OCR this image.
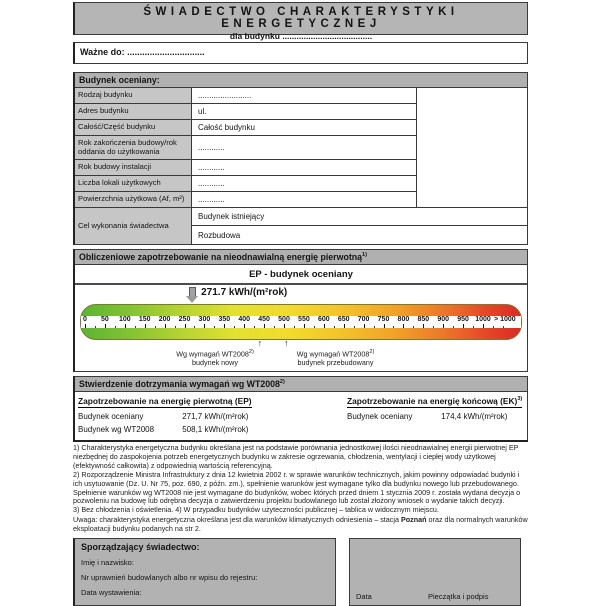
ŚWIADECTWO CHARAKTERYSTYKI ENERGETYCZNEJ
dla budynku ......................................
Ważne do: ...............................
Budynek oceniany:
Rodzaj budynku	........................
Adres budynku	ul.
Całość/Część budynku	Całość budynku
Rok zakończenia budowy/rok oddania do użytkowania	............
Rok budowy instalacji	............
Liczba lokali użytkowych	............
Powierzchnia użytkowa (Af, m²)	............
Cel wykonania świadectwa
Budynek istniejący
Rozbudowa
Obliczeniowe zapotrzebowanie na nieodnawialną energię pierwotną$^{1)}$
EP - budynek oceniany
271.7 kWh/(m²rok)
0 50 100 150 200 250 300 350 400 450 500 550 600 650 700 750 800 850 900 950 1000 > 1000
↑ ↑
Wg wymagań WT2008$^{2)}$
budynek nowy
Wg wymagań WT2008$^{2)}$
budynek przebudowany
Stwierdzenie dotrzymania wymagań wg WT2008$^{2)}$
Zapotrzebowanie na energię pierwotną (EP)
Budynek oceniany	271,7 kWh/(m²rok)
Budynek wg WT2008	508,1 kWh/(m²rok)
Zapotrzebowanie na energię końcową (EK)$^{3)}$
Budynek oceniany	174,4 kWh/(m²rok)

1) Charakterystyka energetyczna budynku określana jest na podstawie porównania jednostkowej ilości nieodnawialnej energii pierwotnej EP niezbędnej do zaspokojenia potrzeb energetycznych budynku w zakresie ogrzewania, chłodzenia, wentylacji i ciepłej wody użytkowej (efektywność całkowita) z odpowiednią wartością referencyjną.

2) Rozporządzenie Ministra Infrastruktury z dnia 12 kwietnia 2002 r. w sprawie warunków technicznych, jakim powinny odpowiadać budynki i ich usytuowanie (Dz. U. Nr 75, poz. 690, z późn. zm.), spełnienie warunków jest wymagane tylko dla budynku nowego lub przebudowanego. Spełnienie warunków wg WT2008 nie jest wymagane do budynków, wobec których przed dniem 1 stycznia 2009 r. została wydana decyzja o pozwoleniu na budowę lub odrębna decyzja o zatwierdzeniu projektu budowlanego lub został złożony wniosek o wydanie takich decyzji.

3) Bez chłodzenia i oświetlenia. 4) W przypadku budynków użyteczności publicznej – tablica w widocznym miejscu.

Uwaga: charakterystyka energetyczna określana jest dla warunków klimatycznych odniesienia – stacja Poznań oraz dla normalnych warunków eksploatacji budynku podanych na str 2.

Sporządzający świadectwo:
Imię i nazwisko:
Nr uprawnień budowlanych albo nr wpisu do rejestru:
Data wystawienia:	Data	Pieczątka i podpis
